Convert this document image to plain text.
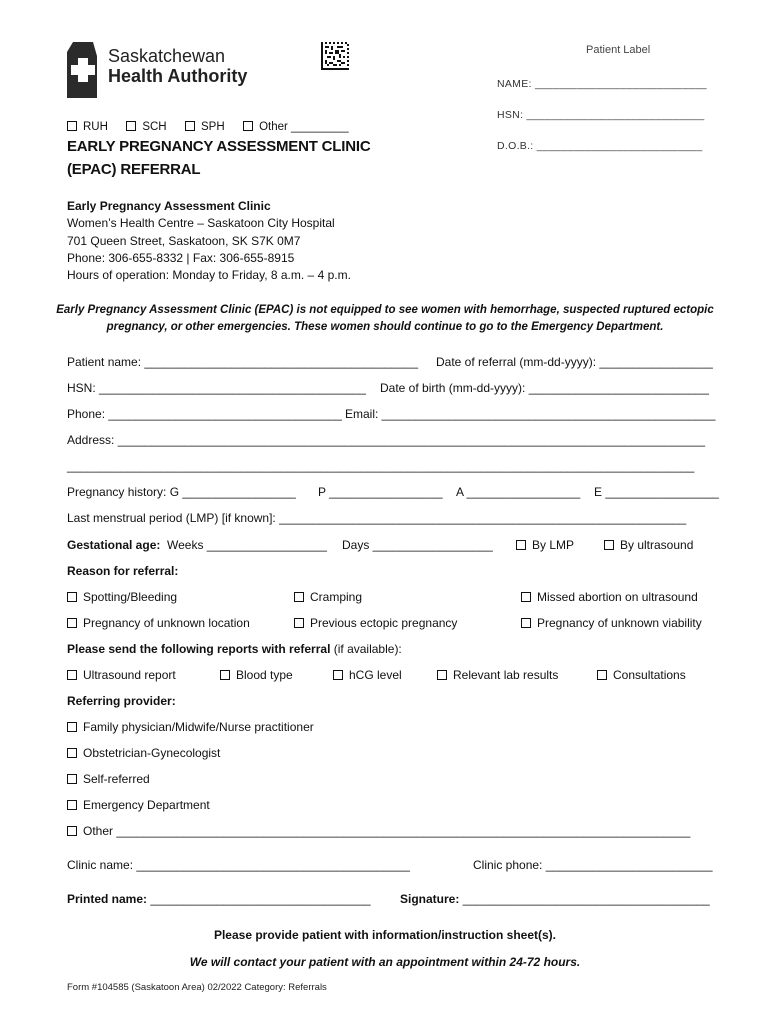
Saskatchewan
Health Authority
Patient Label
NAME: ____________________________
HSN: _____________________________
D.O.B.: ___________________________
RUH	SCH	SPH	Other _________
EARLY PREGNANCY ASSESSMENT CLINIC
(EPAC) REFERRAL
Early Pregnancy Assessment Clinic
Women’s Health Centre – Saskatoon City Hospital
701 Queen Street, Saskatoon, SK S7K 0M7
Phone: 306-655-8332 | Fax: 306-655-8915
Hours of operation: Monday to Friday, 8 a.m. – 4 p.m.
Early Pregnancy Assessment Clinic (EPAC) is not equipped to see women with hemorrhage, suspected ruptured ectopic
pregnancy, or other emergencies. These women should continue to go to the Emergency Department.
Patient name: _________________________________________ Date of referral (mm-dd-yyyy): _________________
HSN: ________________________________________ Date of birth (mm-dd-yyyy): ___________________________
Phone: ___________________________________ Email: __________________________________________________
Address: ________________________________________________________________________________________
______________________________________________________________________________________________
Pregnancy history: G _________________ P _________________ A _________________ E _________________
Last menstrual period (LMP) [if known]: _____________________________________________________________
Gestational age: Weeks __________________ Days __________________	By LMP	By ultrasound
Reason for referral:
Spotting/Bleeding	Cramping	Missed abortion on ultrasound
Pregnancy of unknown location	Previous ectopic pregnancy	Pregnancy of unknown viability
Please send the following reports with referral (if available):
Ultrasound report	Blood type	hCG level	Relevant lab results	Consultations
Referring provider:
Family physician/Midwife/Nurse practitioner
Obstetrician-Gynecologist
Self-referred
Emergency Department
Other ______________________________________________________________________________________
Clinic name: _________________________________________	Clinic phone: _________________________
Printed name: _________________________________ Signature: _____________________________________
Please provide patient with information/instruction sheet(s).
We will contact your patient with an appointment within 24-72 hours.
Form #104585 (Saskatoon Area) 02/2022 Category: Referrals
